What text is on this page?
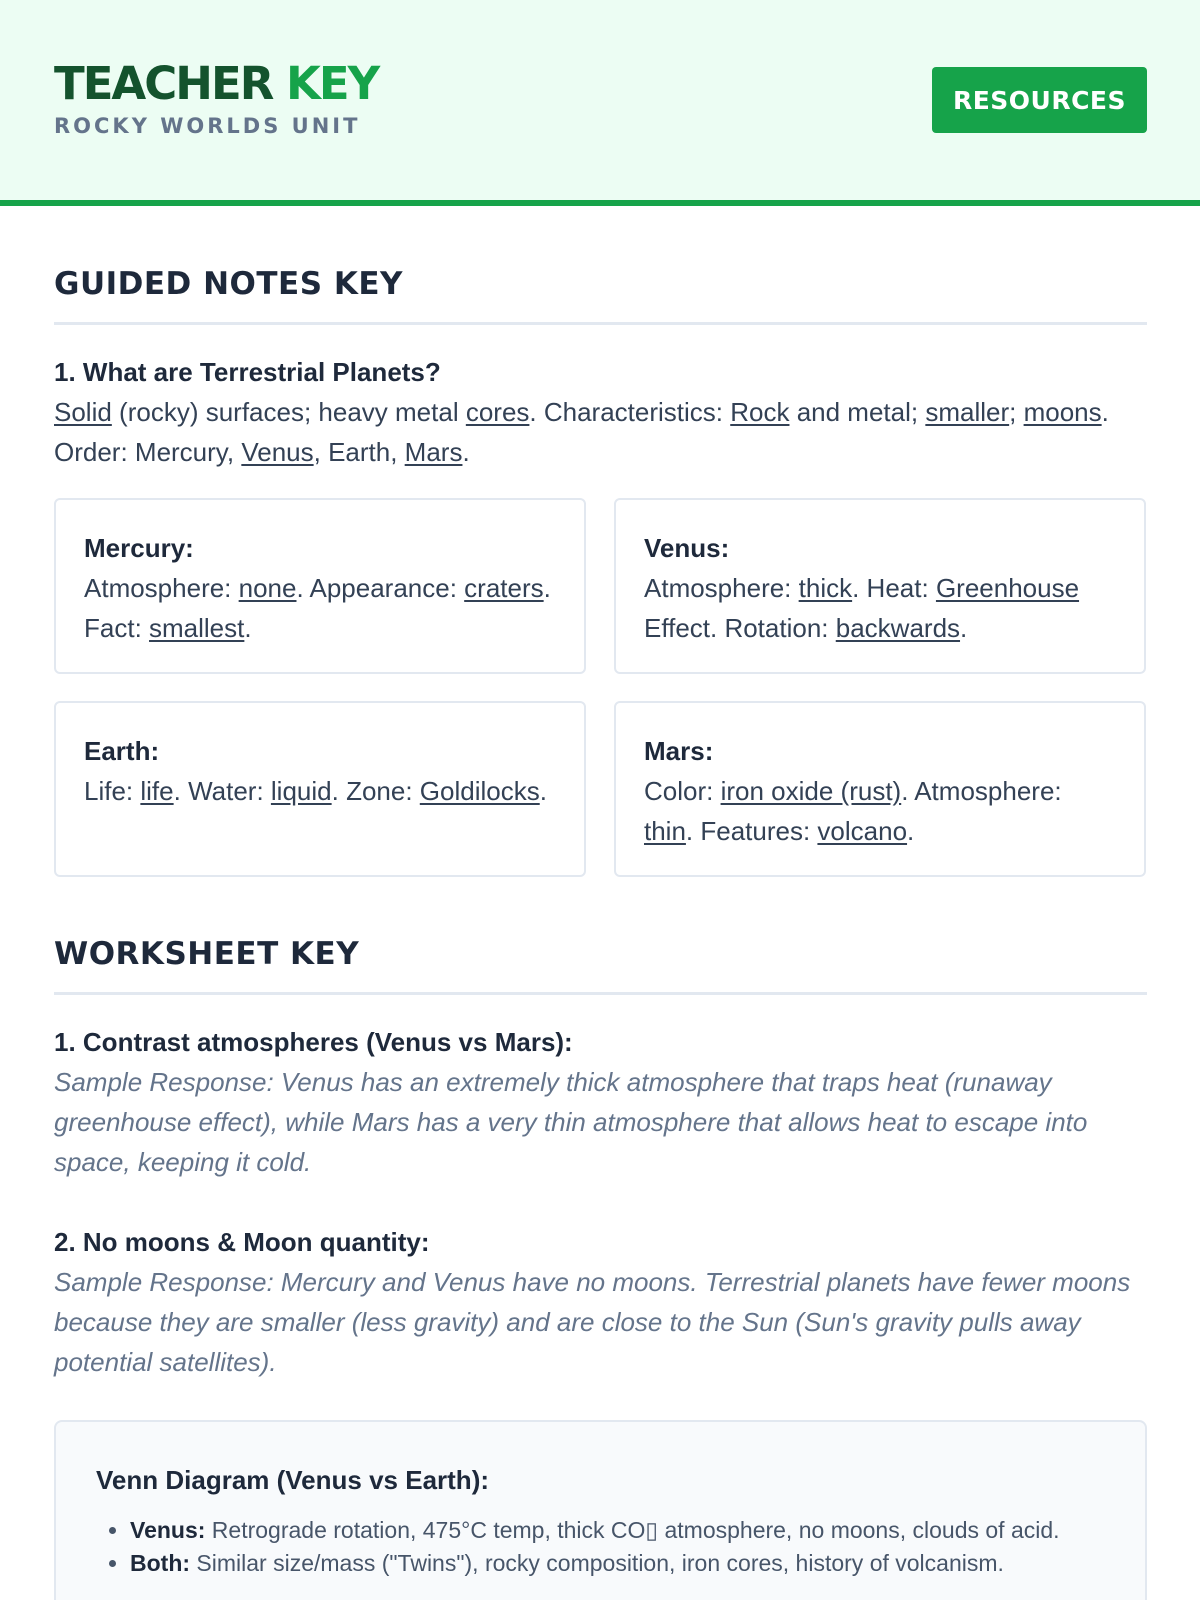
TEACHER KEY
ROCKY WORLDS UNIT
RESOURCES
GUIDED NOTES KEY
1. What are Terrestrial Planets?
Solid (rocky) surfaces; heavy metal cores. Characteristics: Rock and metal; smaller; moons. Order: Mercury, Venus, Earth, Mars.
Mercury:
Atmosphere: none. Appearance: craters. Fact: smallest.
Venus:
Atmosphere: thick. Heat: Greenhouse Effect. Rotation: backwards.
Earth:
Life: life. Water: liquid. Zone: Goldilocks.
Mars:
Color: iron oxide (rust). Atmosphere: thin. Features: volcano.
WORKSHEET KEY
1. Contrast atmospheres (Venus vs Mars):
Sample Response: Venus has an extremely thick atmosphere that traps heat (runaway greenhouse effect), while Mars has a very thin atmosphere that allows heat to escape into space, keeping it cold.
2. No moons & Moon quantity:
Sample Response: Mercury and Venus have no moons. Terrestrial planets have fewer moons because they are smaller (less gravity) and are close to the Sun (Sun's gravity pulls away potential satellites).
Venn Diagram (Venus vs Earth):
• Venus: Retrograde rotation, 475°C temp, thick CO▯ atmosphere, no moons, clouds of acid.
• Both: Similar size/mass ("Twins"), rocky composition, iron cores, history of volcanism.
